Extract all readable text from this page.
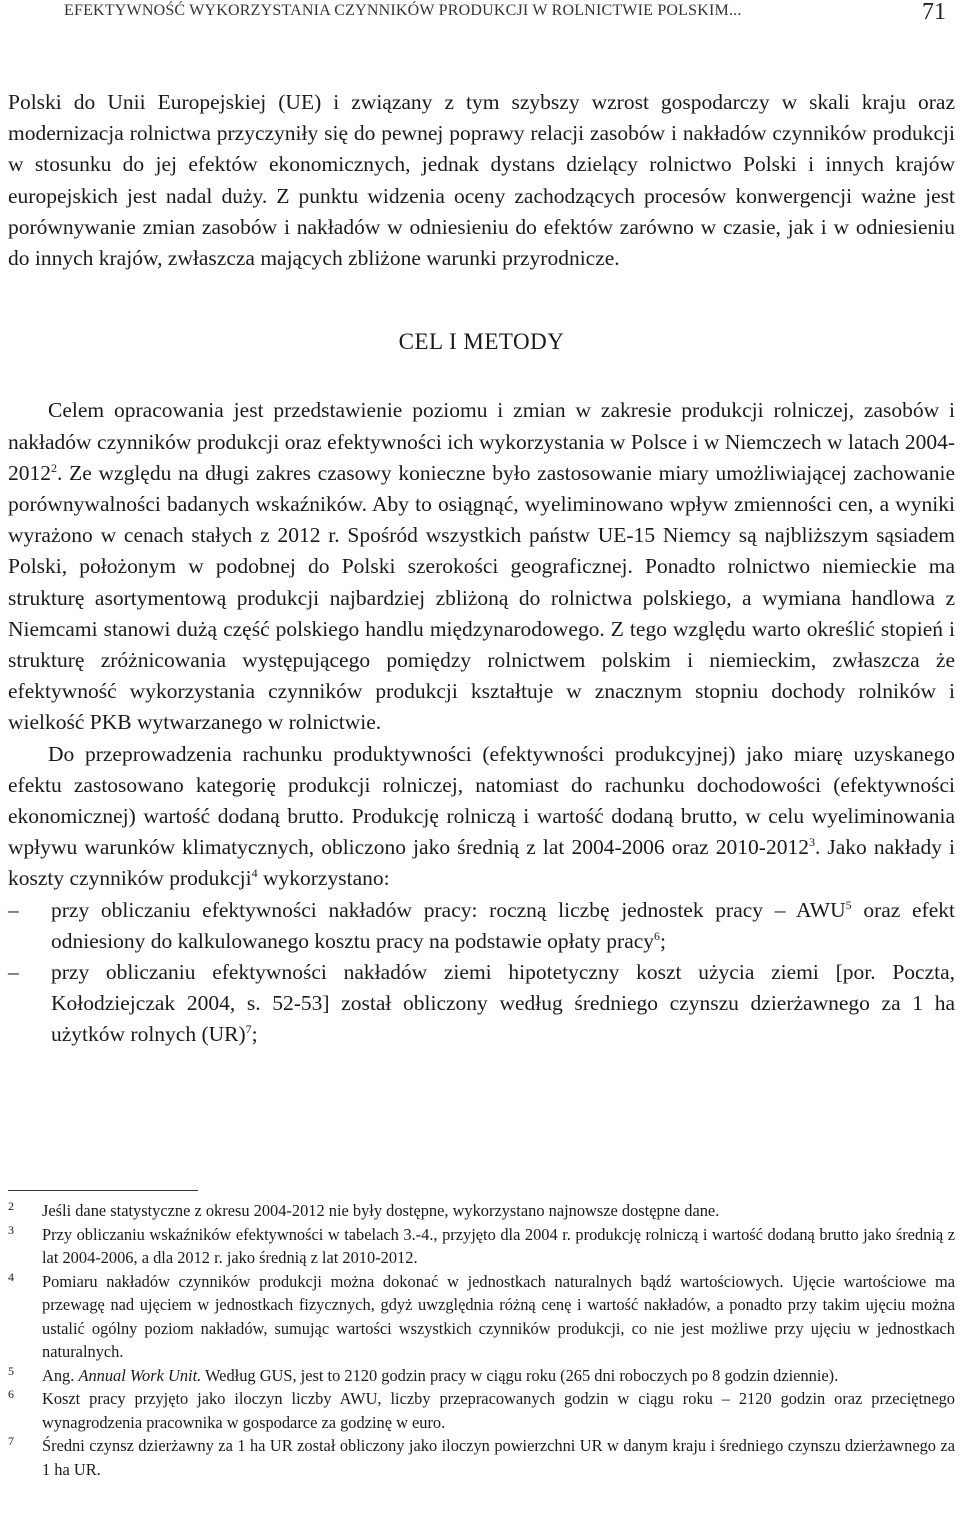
EFEKTYWNOŚĆ WYKORZYSTANIA CZYNNIKÓW PRODUKCJI W ROLNICTWIE POLSKIM...	71

Polski do Unii Europejskiej (UE) i związany z tym szybszy wzrost gospodarczy w skali kraju oraz modernizacja rolnictwa przyczyniły się do pewnej poprawy relacji zasobów i nakładów czynników produkcji w stosunku do jej efektów ekonomicznych, jednak dystans dzielący rolnictwo Polski i innych krajów europejskich jest nadal duży. Z punktu widzenia oceny zachodzących procesów konwergencji ważne jest porównywanie zmian zasobów i nakładów w odniesieniu do efektów zarówno w czasie, jak i w odniesieniu do innych krajów, zwłaszcza mających zbliżone warunki przyrodnicze.

CEL I METODY

Celem opracowania jest przedstawienie poziomu i zmian w zakresie produkcji rolniczej, zasobów i nakładów czynników produkcji oraz efektywności ich wykorzystania w Polsce i w Niemczech w latach 2004-2012$^2$. Ze względu na długi zakres czasowy konieczne było zastosowanie miary umożliwiającej zachowanie porównywalności badanych wskaźników. Aby to osiągnąć, wyeliminowano wpływ zmienności cen, a wyniki wyrażono w cenach stałych z 2012 r. Spośród wszystkich państw UE-15 Niemcy są najbliższym sąsiadem Polski, położonym w podobnej do Polski szerokości geograficznej. Ponadto rolnictwo niemieckie ma strukturę asortymentową produkcji najbardziej zbliżoną do rolnictwa polskiego, a wymiana handlowa z Niemcami stanowi dużą część polskiego handlu międzynarodowego. Z tego względu warto określić stopień i strukturę zróżnicowania występującego pomiędzy rolnictwem polskim i niemieckim, zwłaszcza że efektywność wykorzystania czynników produkcji kształtuje w znacznym stopniu dochody rolników i wielkość PKB wytwarzanego w rolnictwie.

Do przeprowadzenia rachunku produktywności (efektywności produkcyjnej) jako miarę uzyskanego efektu zastosowano kategorię produkcji rolniczej, natomiast do rachunku dochodowości (efektywności ekonomicznej) wartość dodaną brutto. Produkcję rolniczą i wartość dodaną brutto, w celu wyeliminowania wpływu warunków klimatycznych, obliczono jako średnią z lat 2004-2006 oraz 2010-2012$^3$. Jako nakłady i koszty czynników produkcji$^4$ wykorzystano:

– przy obliczaniu efektywności nakładów pracy: roczną liczbę jednostek pracy – AWU$^5$ oraz efekt odniesiony do kalkulowanego kosztu pracy na podstawie opłaty pracy$^6$;
– przy obliczaniu efektywności nakładów ziemi hipotetyczny koszt użycia ziemi [por. Poczta, Kołodziejczak 2004, s. 52-53] został obliczony według średniego czynszu dzierżawnego za 1 ha użytków rolnych (UR)$^7$;

2 Jeśli dane statystyczne z okresu 2004-2012 nie były dostępne, wykorzystano najnowsze dostępne dane.

3 Przy obliczaniu wskaźników efektywności w tabelach 3.-4., przyjęto dla 2004 r. produkcję rolniczą i wartość dodaną brutto jako średnią z lat 2004-2006, a dla 2012 r. jako średnią z lat 2010-2012.

4 Pomiaru nakładów czynników produkcji można dokonać w jednostkach naturalnych bądź wartościowych. Ujęcie wartościowe ma przewagę nad ujęciem w jednostkach fizycznych, gdyż uwzględnia różną cenę i wartość nakładów, a ponadto przy takim ujęciu można ustalić ogólny poziom nakładów, sumując wartości wszystkich czynników produkcji, co nie jest możliwe przy ujęciu w jednostkach naturalnych.

5 Ang. Annual Work Unit. Według GUS, jest to 2120 godzin pracy w ciągu roku (265 dni roboczych po 8 godzin dziennie).

6 Koszt pracy przyjęto jako iloczyn liczby AWU, liczby przepracowanych godzin w ciągu roku – 2120 godzin oraz przeciętnego wynagrodzenia pracownika w gospodarce za godzinę w euro.

7 Średni czynsz dzierżawny za 1 ha UR został obliczony jako iloczyn powierzchni UR w danym kraju i średniego czynszu dzierżawnego za 1 ha UR.
